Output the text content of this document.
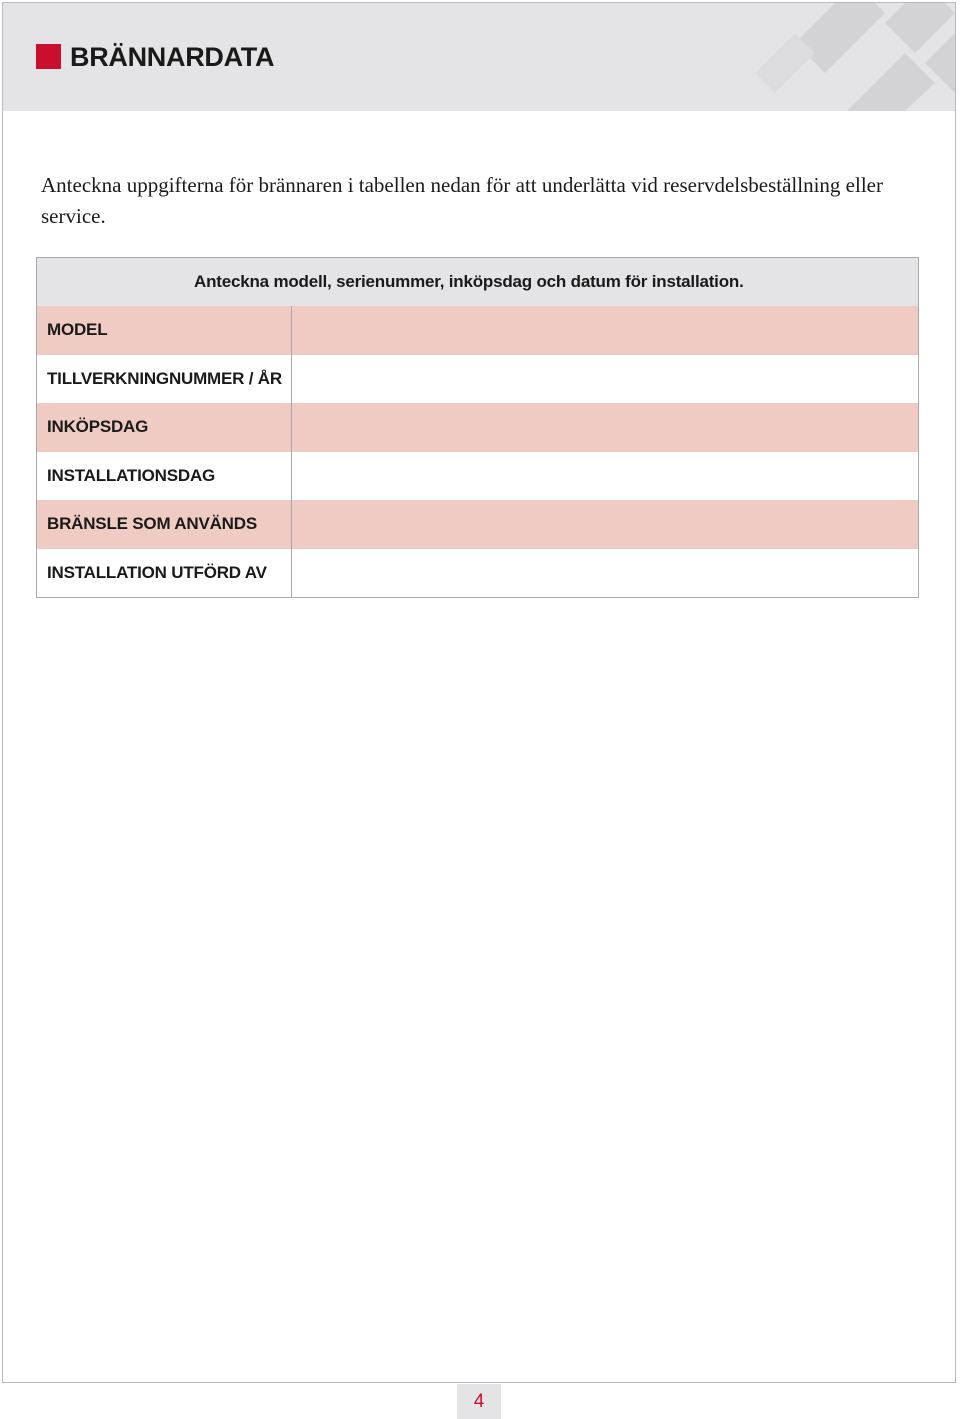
BRÄNNARDATA

Anteckna uppgifterna för brännaren i tabellen nedan för att underlätta vid reservdelsbeställning eller service.

Anteckna modell, serienummer, inköpsdag och datum för installation.
MODEL
TILLVERKNINGNUMMER / ÅR
INKÖPSDAG
INSTALLATIONSDAG
BRÄNSLE SOM ANVÄNDS
INSTALLATION UTFÖRD AV
4
